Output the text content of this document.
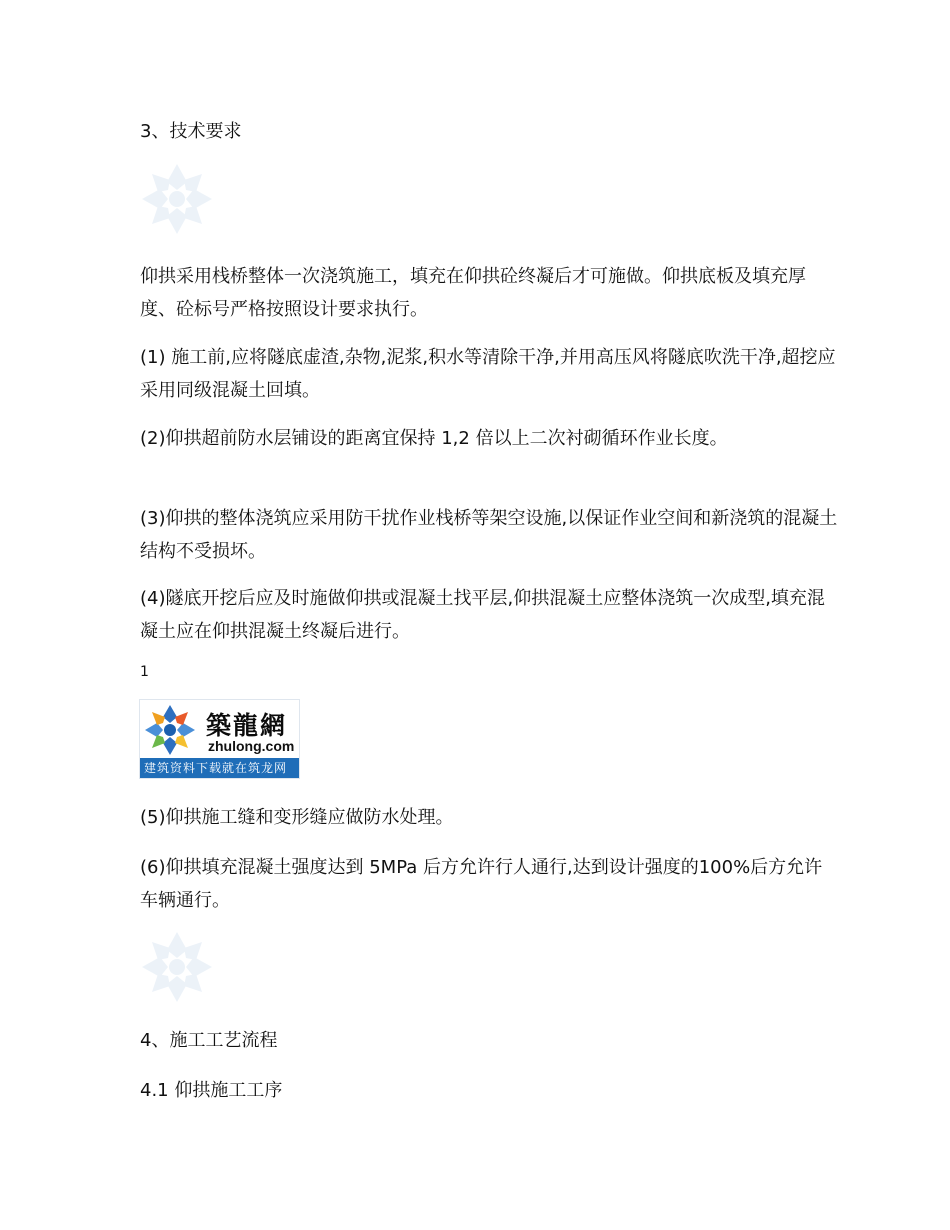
3、技术要求

仰拱采用栈桥整体一次浇筑施工，填充在仰拱砼终凝后才可施做。仰拱底板及填充厚度、砼标号严格按照设计要求执行。

(1) 施工前,应将隧底虚渣,杂物,泥浆,积水等清除干净,并用高压风将隧底吹洗干净,超挖应采用同级混凝土回填。

(2)仰拱超前防水层铺设的距离宜保持 1,2 倍以上二次衬砌循环作业长度。

(3)仰拱的整体浇筑应采用防干扰作业栈桥等架空设施,以保证作业空间和新浇筑的混凝土结构不受损坏。

(4)隧底开挖后应及时施做仰拱或混凝土找平层,仰拱混凝土应整体浇筑一次成型,填充混凝土应在仰拱混凝土终凝后进行。

1
築龍網
zhulong.com
建筑资料下载就在筑龙网

(5)仰拱施工缝和变形缝应做防水处理。

(6)仰拱填充混凝土强度达到 5MPa 后方允许行人通行,达到设计强度的100%后方允许车辆通行。

4、施工工艺流程
4.1 仰拱施工工序
